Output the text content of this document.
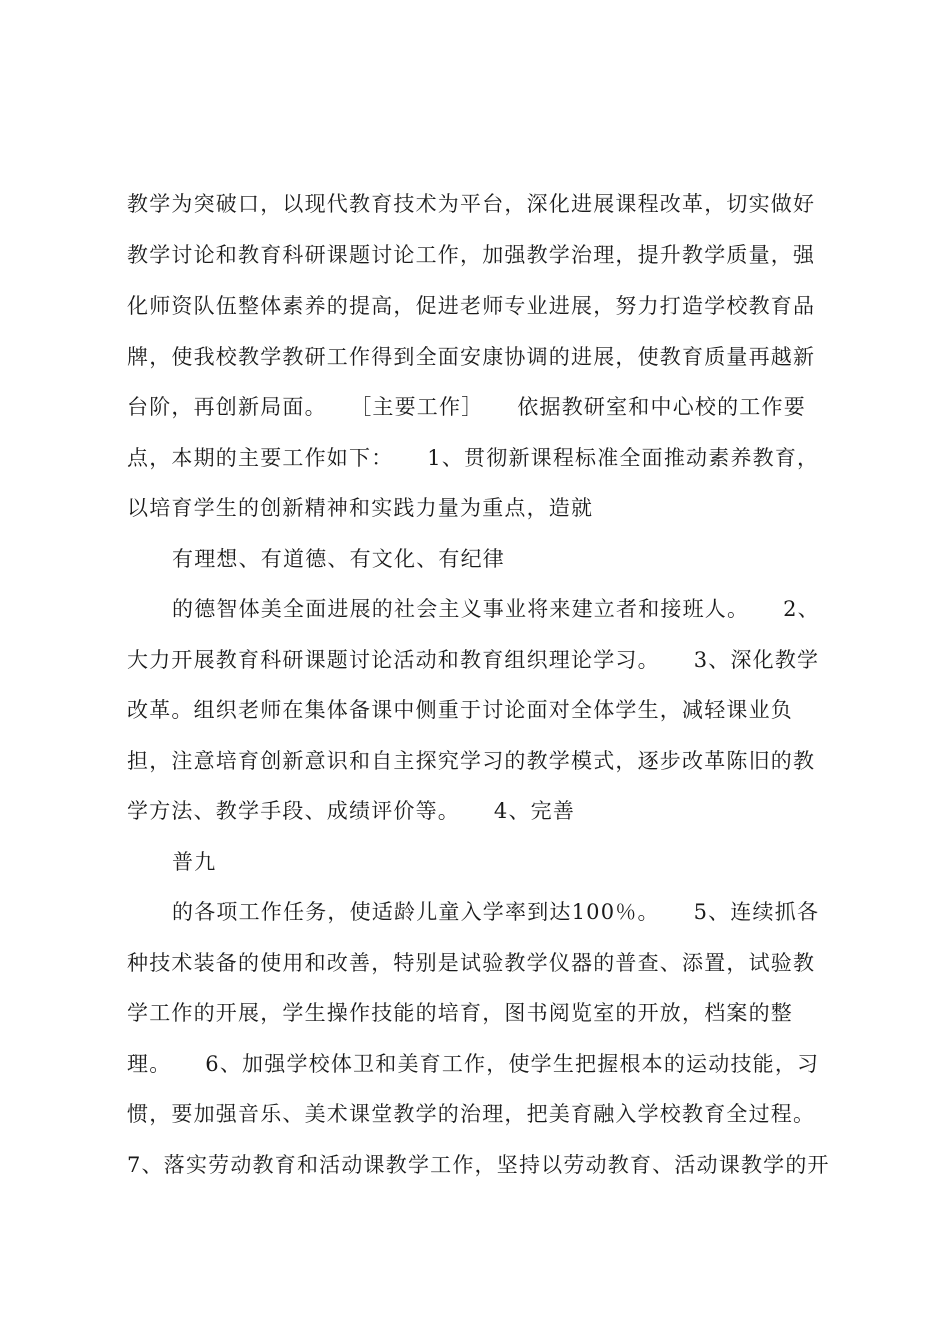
教学为突破口，以现代教育技术为平台，深化进展课程改革，切实做好
教学讨论和教育科研课题讨论工作，加强教学治理，提升教学质量，强
化师资队伍整体素养的提高，促进老师专业进展，努力打造学校教育品
牌，使我校教学教研工作得到全面安康协调的进展，使教育质量再越新
台阶，再创新局面。　　［主要工作］　　依据教研室和中心校的工作要
点，本期的主要工作如下：　　1、贯彻新课程标准全面推动素养教育，
以培育学生的创新精神和实践力量为重点，造就
有理想、有道德、有文化、有纪律
的德智体美全面进展的社会主义事业将来建立者和接班人。　　2、
大力开展教育科研课题讨论活动和教育组织理论学习。　　3、深化教学
改革。组织老师在集体备课中侧重于讨论面对全体学生，减轻课业负
担，注意培育创新意识和自主探究学习的教学模式，逐步改革陈旧的教
学方法、教学手段、成绩评价等。　　4、完善
普九
的各项工作任务，使适龄儿童入学率到达100％。　　5、连续抓各
种技术装备的使用和改善，特别是试验教学仪器的普查、添置，试验教
学工作的开展，学生操作技能的培育，图书阅览室的开放，档案的整
理。　　6、加强学校体卫和美育工作，使学生把握根本的运动技能，习
惯，要加强音乐、美术课堂教学的治理，把美育融入学校教育全过程。
7、落实劳动教育和活动课教学工作，坚持以劳动教育、活动课教学的开
